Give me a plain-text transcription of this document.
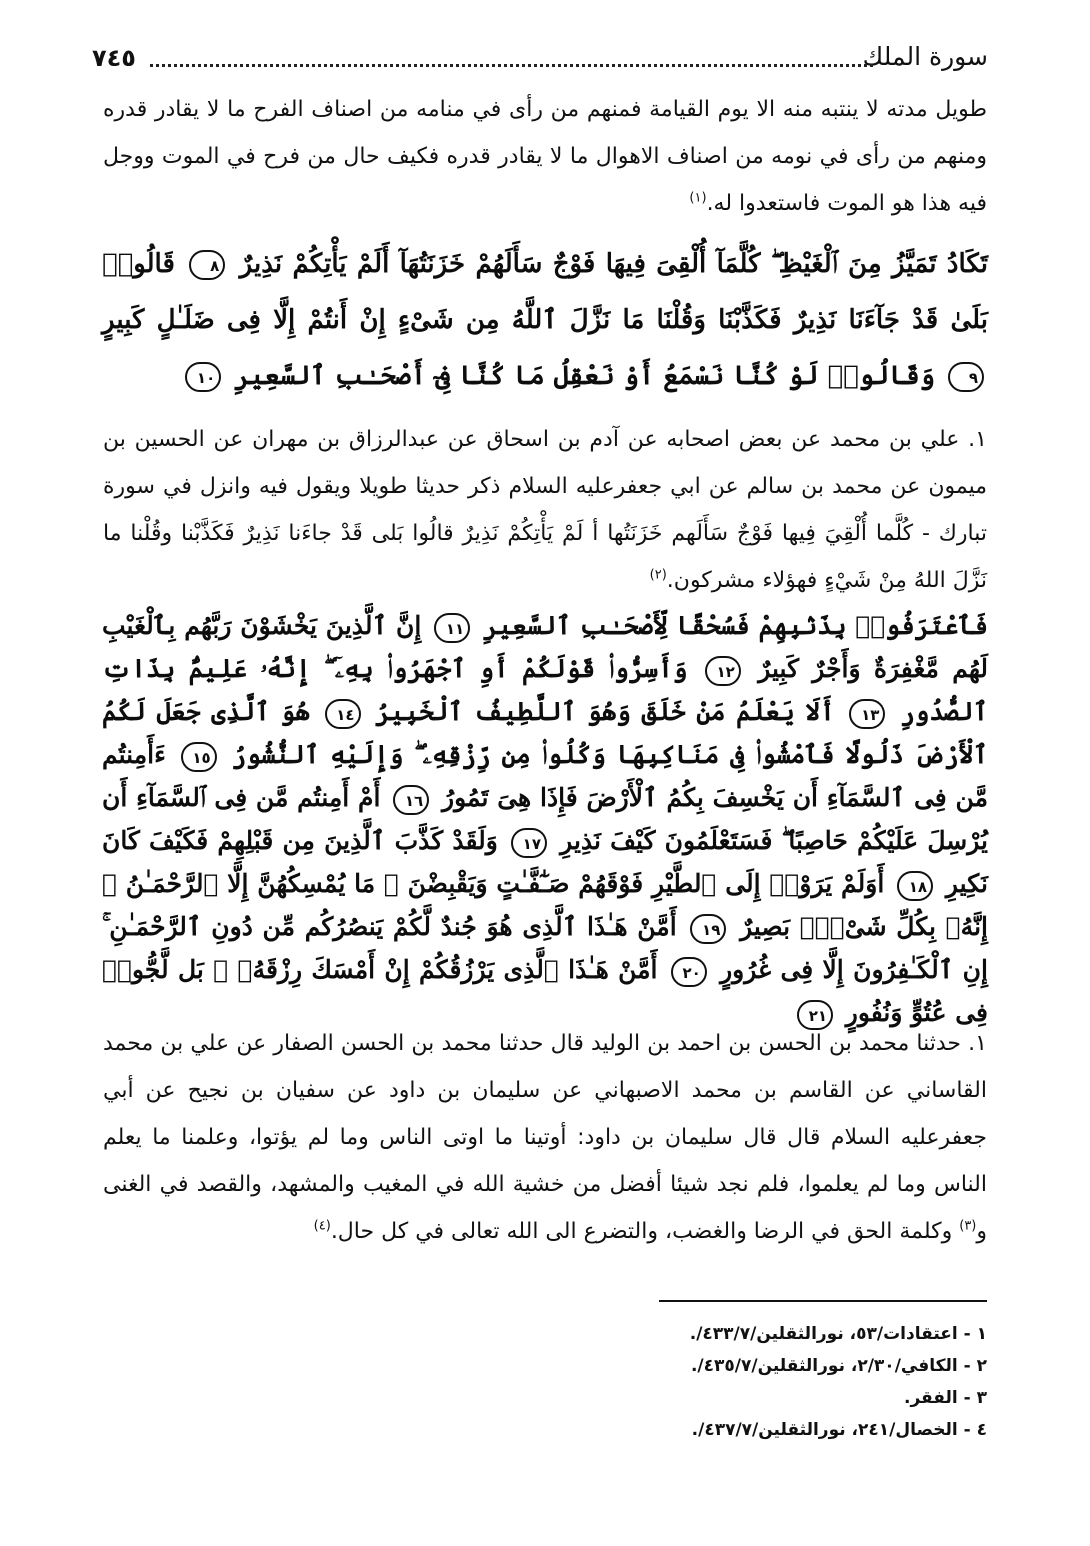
سورة الملك
٧٤٥

طويل مدته لا ينتبه منه الا يوم القيامة فمنهم من رأى في منامه من اصناف الفرح ما لا يقادر قدره ومنهم من رأى في نومه من اصناف الاهوال ما لا يقادر قدره فكيف حال من فرح في الموت ووجل فيه هذا هو الموت فاستعدوا له.$^{(١)}$

تَكَادُ تَمَيَّزُ مِنَ ٱلْغَيْظِ ۖ كُلَّمَآ أُلْقِىَ فِيهَا فَوْجٌ سَأَلَهُمْ خَزَنَتُهَآ أَلَمْ يَأْتِكُمْ نَذِيرٌ ٨ قَالُوا۟ بَلَىٰ قَدْ جَآءَنَا نَذِيرٌ فَكَذَّبْنَا وَقُلْنَا مَا نَزَّلَ ٱللَّهُ مِن شَىْءٍ إِنْ أَنتُمْ إِلَّا فِى ضَلَـٰلٍ كَبِيرٍ ٩ وَقَالُوا۟ لَوْ كُنَّا نَسْمَعُ أَوْ نَعْقِلُ مَا كُنَّا فِىٓ أَصْحَـٰبِ ٱلسَّعِيرِ ١٠

١. علي بن محمد عن بعض اصحابه عن آدم بن اسحاق عن عبدالرزاق بن مهران عن الحسين بن ميمون عن محمد بن سالم عن ابي جعفرعليه السلام ذكر حديثا طويلا ويقول فيه وانزل في سورة تبارك - كُلَّما أُلْقِيَ فِيها فَوْجٌ سَأَلَهم خَزَنَتُها أ لَمْ يَأْتِكُمْ نَذِيرٌ قالُوا بَلى قَدْ جاءَنا نَذِيرٌ فَكَذَّبْنا وقُلْنا ما نَزَّلَ اللهُ مِنْ شَيْءٍ فهؤلاء مشركون.$^{(٢)}$

فَٱعْتَرَفُوا۟ بِذَنۢبِهِمْ فَسُحْقًا لِّأَصْحَـٰبِ ٱلسَّعِيرِ ١١ إِنَّ ٱلَّذِينَ يَخْشَوْنَ رَبَّهُم بِٱلْغَيْبِ لَهُم مَّغْفِرَةٌ وَأَجْرٌ كَبِيرٌ ١٢ وَأَسِرُّوا۟ قَوْلَكُمْ أَوِ ٱجْهَرُوا۟ بِهِۦٓ ۖ إِنَّهُۥ عَلِيمٌۢ بِذَاتِ ٱلصُّدُورِ ١٣ أَلَا يَعْلَمُ مَنْ خَلَقَ وَهُوَ ٱللَّطِيفُ ٱلْخَبِيرُ ١٤ هُوَ ٱلَّذِى جَعَلَ لَكُمُ ٱلْأَرْضَ ذَلُولًا فَٱمْشُوا۟ فِى مَنَاكِبِهَا وَكُلُوا۟ مِن رِّزْقِهِۦ ۖ وَإِلَيْهِ ٱلنُّشُورُ ١٥ ءَأَمِنتُم مَّن فِى ٱلسَّمَآءِ أَن يَخْسِفَ بِكُمُ ٱلْأَرْضَ فَإِذَا هِىَ تَمُورُ ١٦ أَمْ أَمِنتُم مَّن فِى ٱلسَّمَآءِ أَن يُرْسِلَ عَلَيْكُمْ حَاصِبًا ۖ فَسَتَعْلَمُونَ كَيْفَ نَذِيرِ ١٧ وَلَقَدْ كَذَّبَ ٱلَّذِينَ مِن قَبْلِهِمْ فَكَيْفَ كَانَ نَكِيرِ ١٨ أَوَلَمْ يَرَوْا۟ إِلَى ٱلطَّيْرِ فَوْقَهُمْ صَـٰٓفَّـٰتٍ وَيَقْبِضْنَ ۚ مَا يُمْسِكُهُنَّ إِلَّا ٱلرَّحْمَـٰنُ ۚ إِنَّهُۥ بِكُلِّ شَىْءٍۭ بَصِيرٌ ١٩ أَمَّنْ هَـٰذَا ٱلَّذِى هُوَ جُندٌ لَّكُمْ يَنصُرُكُم مِّن دُونِ ٱلرَّحْمَـٰنِ ۚ إِنِ ٱلْكَـٰفِرُونَ إِلَّا فِى غُرُورٍ ٢٠ أَمَّنْ هَـٰذَا ٱلَّذِى يَرْزُقُكُمْ إِنْ أَمْسَكَ رِزْقَهُۥ ۚ بَل لَّجُّوا۟ فِى عُتُوٍّ وَنُفُورٍ ٢١

١. حدثنا محمد بن الحسن بن احمد بن الوليد قال حدثنا محمد بن الحسن الصفار عن علي بن محمد القاساني عن القاسم بن محمد الاصبهاني عن سليمان بن داود عن سفيان بن نجيح عن أبي جعفرعليه السلام قال قال سليمان بن داود: أوتينا ما اوتى الناس وما لم يؤتوا، وعلمنا ما يعلم الناس وما لم يعلموا، فلم نجد شيئا أفضل من خشية الله في المغيب والمشهد، والقصد في الغنى و$^{(٣)}$ وكلمة الحق في الرضا والغضب، والتضرع الى الله تعالى في كل حال.$^{(٤)}$

١ - اعتقادات/٥٣، نورالثقلين/٤٣٣/٧/.
٢ - الكافي/٢/٣٠، نورالثقلين/٤٣٥/٧/.
٣ - الفقر.
٤ - الخصال/٢٤١، نورالثقلين/٤٣٧/٧/.
